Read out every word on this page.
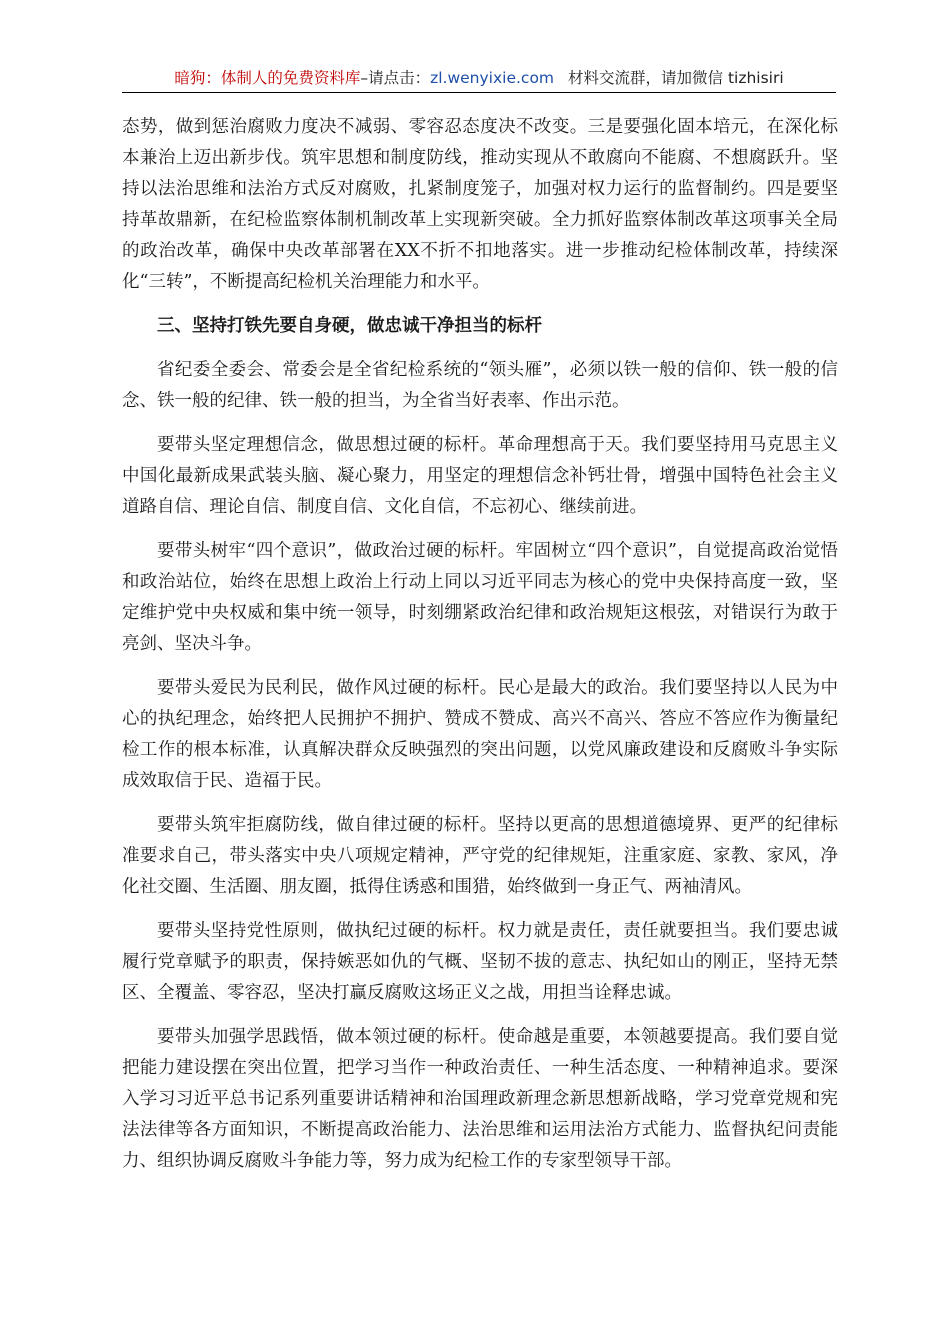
暗狗：体制人的免费资料库–请点击：zl.wenyixie.com 材料交流群，请加微信 tizhisiri

态势，做到惩治腐败力度决不减弱、零容忍态度决不改变。三是要强化固本培元，在深化标本兼治上迈出新步伐。筑牢思想和制度防线，推动实现从不敢腐向不能腐、不想腐跃升。坚持以法治思维和法治方式反对腐败，扎紧制度笼子，加强对权力运行的监督制约。四是要坚持革故鼎新，在纪检监察体制机制改革上实现新突破。全力抓好监察体制改革这项事关全局的政治改革，确保中央改革部署在XX不折不扣地落实。进一步推动纪检体制改革，持续深化“三转”，不断提高纪检机关治理能力和水平。

三、坚持打铁先要自身硬，做忠诚干净担当的标杆

省纪委全委会、常委会是全省纪检系统的“领头雁”，必须以铁一般的信仰、铁一般的信念、铁一般的纪律、铁一般的担当，为全省当好表率、作出示范。

要带头坚定理想信念，做思想过硬的标杆。革命理想高于天。我们要坚持用马克思主义中国化最新成果武装头脑、凝心聚力，用坚定的理想信念补钙壮骨，增强中国特色社会主义道路自信、理论自信、制度自信、文化自信，不忘初心、继续前进。

要带头树牢“四个意识”，做政治过硬的标杆。牢固树立“四个意识”，自觉提高政治觉悟和政治站位，始终在思想上政治上行动上同以习近平同志为核心的党中央保持高度一致，坚定维护党中央权威和集中统一领导，时刻绷紧政治纪律和政治规矩这根弦，对错误行为敢于亮剑、坚决斗争。

要带头爱民为民利民，做作风过硬的标杆。民心是最大的政治。我们要坚持以人民为中心的执纪理念，始终把人民拥护不拥护、赞成不赞成、高兴不高兴、答应不答应作为衡量纪检工作的根本标准，认真解决群众反映强烈的突出问题，以党风廉政建设和反腐败斗争实际成效取信于民、造福于民。

要带头筑牢拒腐防线，做自律过硬的标杆。坚持以更高的思想道德境界、更严的纪律标准要求自己，带头落实中央八项规定精神，严守党的纪律规矩，注重家庭、家教、家风，净化社交圈、生活圈、朋友圈，抵得住诱惑和围猎，始终做到一身正气、两袖清风。

要带头坚持党性原则，做执纪过硬的标杆。权力就是责任，责任就要担当。我们要忠诚履行党章赋予的职责，保持嫉恶如仇的气概、坚韧不拔的意志、执纪如山的刚正，坚持无禁区、全覆盖、零容忍，坚决打赢反腐败这场正义之战，用担当诠释忠诚。

要带头加强学思践悟，做本领过硬的标杆。使命越是重要，本领越要提高。我们要自觉把能力建设摆在突出位置，把学习当作一种政治责任、一种生活态度、一种精神追求。要深入学习习近平总书记系列重要讲话精神和治国理政新理念新思想新战略，学习党章党规和宪法法律等各方面知识，不断提高政治能力、法治思维和运用法治方式能力、监督执纪问责能力、组织协调反腐败斗争能力等，努力成为纪检工作的专家型领导干部。
